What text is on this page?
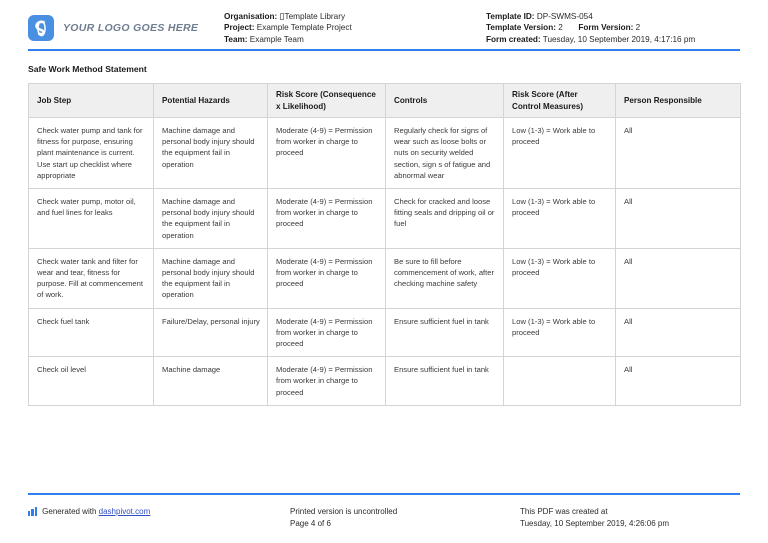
YOUR LOGO GOES HERE
Organisation: Template Library
Project: Example Template Project
Team: Example Team
Template ID: DP-SWMS-054
Template Version: 2 Form Version: 2
Form created: Tuesday, 10 September 2019, 4:17:16 pm
Safe Work Method Statement
Job Step	Potential Hazards	Risk Score (Consequence x Likelihood)	Controls	Risk Score (After Control Measures)	Person Responsible
Check water pump and tank for fitness for purpose, ensuring plant maintenance is current. Use start up checklist where appropriate	Machine damage and personal body injury should the equipment fail in operation	Moderate (4-9) = Permission from worker in charge to proceed	Regularly check for signs of wear such as loose bolts or nuts on security welded section, sign s of fatigue and abnormal wear	Low (1-3) = Work able to proceed	All
Check water pump, motor oil, and fuel lines for leaks	Machine damage and personal body injury should the equipment fail in operation	Moderate (4-9) = Permission from worker in charge to proceed	Check for cracked and loose fitting seals and dripping oil or fuel	Low (1-3) = Work able to proceed	All
Check water tank and filter for wear and tear, fitness for purpose. Fill at commencement of work.	Machine damage and personal body injury should the equipment fail in operation	Moderate (4-9) = Permission from worker in charge to proceed	Be sure to fill before commencement of work, after checking machine safety	Low (1-3) = Work able to proceed	All
Check fuel tank	Failure/Delay, personal injury	Moderate (4-9) = Permission from worker in charge to proceed	Ensure sufficient fuel in tank	Low (1-3) = Work able to proceed	All
Check oil level	Machine damage	Moderate (4-9) = Permission from worker in charge to proceed	Ensure sufficient fuel in tank		All
Generated with dashpivot.com	Printed version is uncontrolled
Page 4 of 6
This PDF was created at
Tuesday, 10 September 2019, 4:26:06 pm
